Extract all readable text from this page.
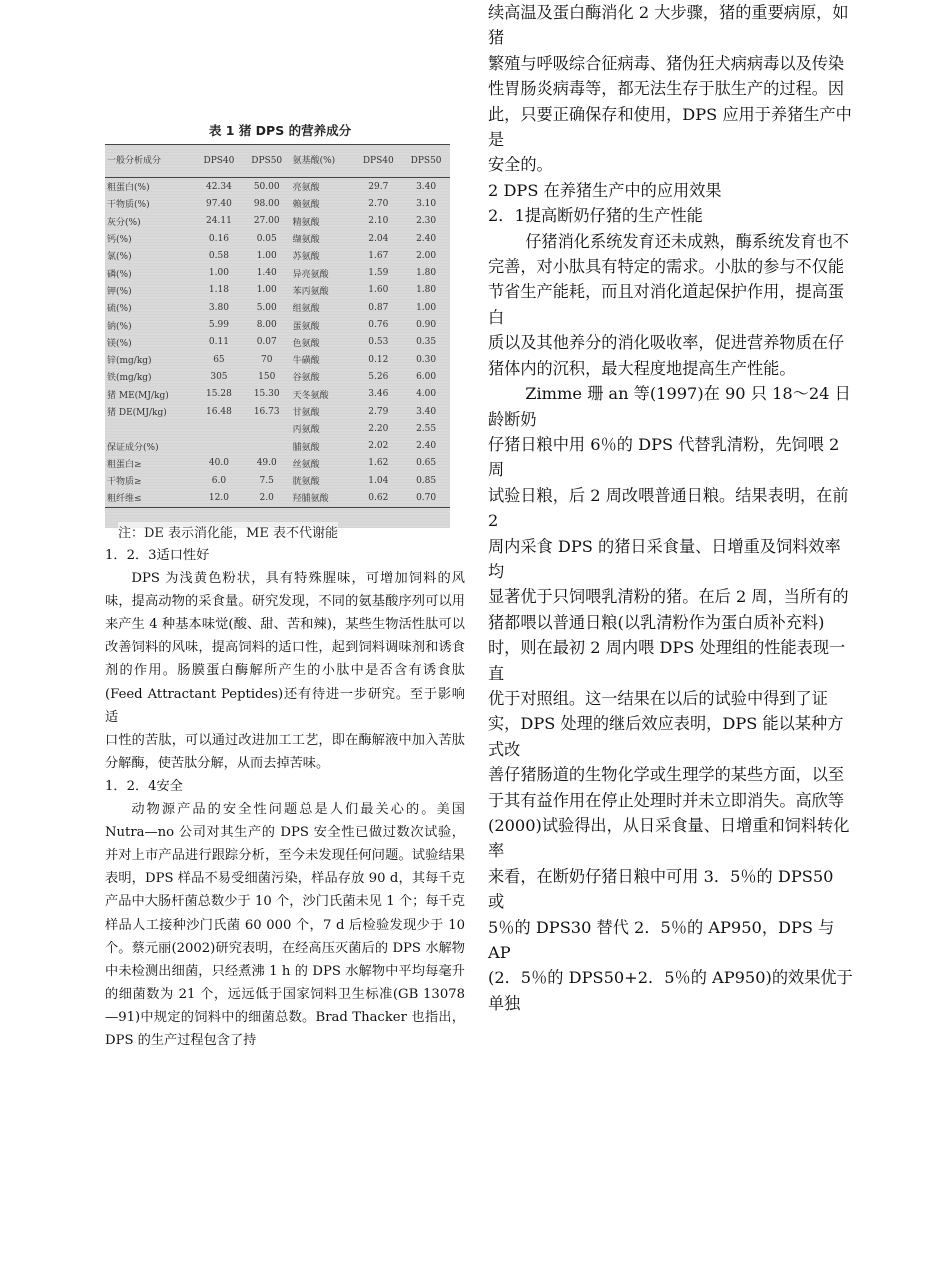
表 1 猪 DPS 的营养成分
一般分析成分	DPS40	DPS50	氨基酸(%)	DPS40	DPS50
粗蛋白(%)	42.34	50.00	亮氨酸	29.7	3.40
干物质(%)	97.40	98.00	赖氨酸	2.70	3.10
灰分(%)	24.11	27.00	精氨酸	2.10	2.30
钙(%)	0.16	0.05	缬氨酸	2.04	2.40
氯(%)	0.58	1.00	苏氨酸	1.67	2.00
磷(%)	1.00	1.40	异亮氨酸	1.59	1.80
钾(%)	1.18	1.00	苯丙氨酸	1.60	1.80
硫(%)	3.80	5.00	组氨酸	0.87	1.00
钠(%)	5.99	8.00	蛋氨酸	0.76	0.90
镁(%)	0.11	0.07	色氨酸	0.53	0.35
锌(mg/kg)	65	70	牛磺酸	0.12	0.30
铁(mg/kg)	305	150	谷氨酸	5.26	6.00
猪 ME(MJ/kg)	15.28	15.30	天冬氨酸	3.46	4.00
猪 DE(MJ/kg)	16.48	16.73	甘氨酸	2.79	3.40
			丙氨酸	2.20	2.55
保证成分(%)			脯氨酸	2.02	2.40
粗蛋白≥	40.0	49.0	丝氨酸	1.62	0.65
干物质≥	6.0	7.5	胱氨酸	1.04	0.85
粗纤维≤	12.0	2.0	羟脯氨酸	0.62	0.70
注：DE 表示消化能，ME 表不代谢能

1．2．3适口性好

DPS 为浅黄色粉状，具有特殊腥味，可增加饲料的风味，提高动物的采食量。研究发现，不同的氨基酸序列可以用来产生 4 种基本味觉(酸、甜、苦和辣)，某些生物活性肽可以改善饲料的风味，提高饲料的适口性，起到饲料调味剂和诱食剂的作用。肠膜蛋白酶解所产生的小肽中是否含有诱食肽(Feed Attractant Peptides)还有待进一步研究。至于影响适

口性的苦肽，可以通过改进加工工艺，即在酶解液中加入苦肽分解酶，使苦肽分解，从而去掉苦味。

1．2．4安全

动物源产品的安全性问题总是人们最关心的。美国 Nutra—no 公司对其生产的 DPS 安全性已做过数次试验，并对上市产品进行跟踪分析，至今未发现任何问题。试验结果表明，DPS 样品不易受细菌污染，样品存放 90 d，其每千克产品中大肠杆菌总数少于 10 个，沙门氏菌未见 1 个；每千克样品人工接种沙门氏菌 60 000 个，7 d 后检验发现少于 10 个。蔡元丽(2002)研究表明，在经高压灭菌后的 DPS 水解物中未检测出细菌，只经煮沸 1 h 的 DPS 水解物中平均每毫升的细菌数为 21 个，远远低于国家饲料卫生标准(GB 13078—91)中规定的饲料中的细菌总数。Brad Thacker 也指出，DPS 的生产过程包含了持

续高温及蛋白酶消化 2 大步骤，猪的重要病原，如猪

繁殖与呼吸综合征病毒、猪伪狂犬病病毒以及传染

性胃肠炎病毒等，都无法生存于肽生产的过程。因

此，只要正确保存和使用，DPS 应用于养猪生产中是

安全的。

2 DPS 在养猪生产中的应用效果

2．1提高断奶仔猪的生产性能

仔猪消化系统发育还未成熟，酶系统发育也不

完善，对小肽具有特定的需求。小肽的参与不仅能

节省生产能耗，而且对消化道起保护作用，提高蛋白

质以及其他养分的消化吸收率，促进营养物质在仔

猪体内的沉积，最大程度地提高生产性能。

Zimme 珊 an 等(1997)在 90 只 18～24 日龄断奶

仔猪日粮中用 6％的 DPS 代替乳清粉，先饲喂 2 周

试验日粮，后 2 周改喂普通日粮。结果表明，在前 2

周内采食 DPS 的猪日采食量、日增重及饲料效率均

显著优于只饲喂乳清粉的猪。在后 2 周，当所有的

猪都喂以普通日粮(以乳清粉作为蛋白质补充料)

时，则在最初 2 周内喂 DPS 处理组的性能表现一直

优于对照组。这一结果在以后的试验中得到了证

实，DPS 处理的继后效应表明，DPS 能以某种方式改

善仔猪肠道的生物化学或生理学的某些方面，以至

于其有益作用在停止处理时并未立即消失。高欣等

(2000)试验得出，从日采食量、日增重和饲料转化率

来看，在断奶仔猪日粮中可用 3．5％的 DPS50 或

5％的 DPS30 替代 2．5％的 AP950，DPS 与 AP

(2．5％的 DPS50+2．5％的 AP950)的效果优于单独
